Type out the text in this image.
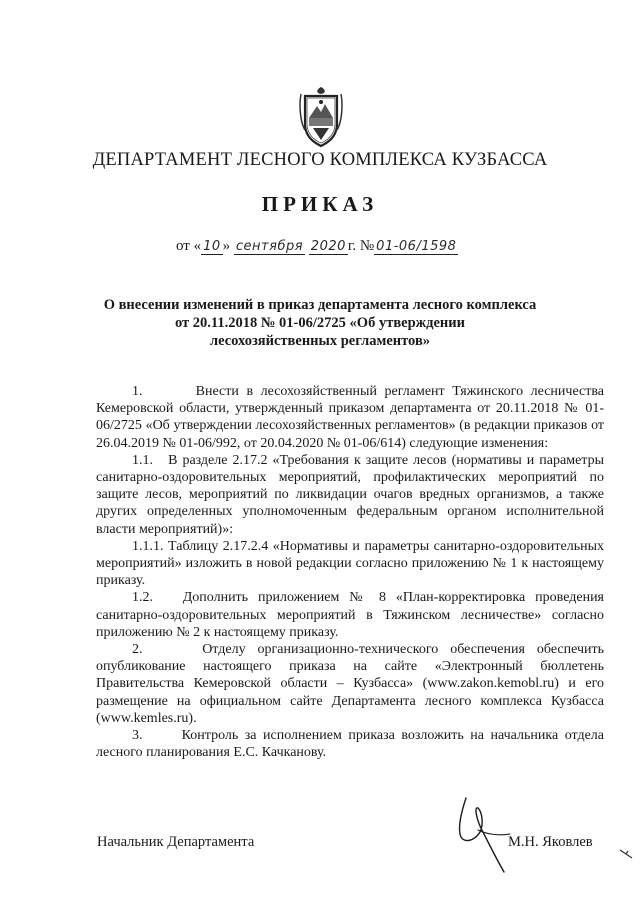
ДЕПАРТАМЕНТ ЛЕСНОГО КОМПЛЕКСА КУЗБАССА
ПРИКАЗ
от « 10 » сентября 2020 г. № 01-06/1598
О внесении изменений в приказ департамента лесного комплекса
от 20.11.2018 № 01-06/2725 «Об утверждении
лесохозяйственных регламентов»

1.       Внести в лесохозяйственный регламент Тяжинского лесничества Кемеровской области, утвержденный приказом департамента от 20.11.2018 № 01-06/2725 «Об утверждении лесохозяйственных регламентов» (в редакции приказов от 26.04.2019 № 01-06/992, от 20.04.2020 № 01-06/614) следующие изменения:

1.1.   В разделе 2.17.2 «Требования к защите лесов (нормативы и параметры санитарно-оздоровительных мероприятий, профилактических мероприятий по защите лесов, мероприятий по ликвидации очагов вредных организмов, а также других определенных уполномоченным федеральным органом исполнительной власти мероприятий)»:

1.1.1. Таблицу 2.17.2.4 «Нормативы и параметры санитарно-оздоровительных мероприятий» изложить в новой редакции согласно приложению № 1 к настоящему приказу.

1.2.   Дополнить приложением № 8 «План-корректировка проведения санитарно-оздоровительных мероприятий в Тяжинском лесничестве» согласно приложению № 2 к настоящему приказу.

2.     Отделу организационно-технического обеспечения обеспечить опубликование настоящего приказа на сайте «Электронный бюллетень Правительства Кемеровской области – Кузбасса» (www.zakon.kemobl.ru) и его размещение на официальном сайте Департамента лесного комплекса Кузбасса (www.kemles.ru).

3.      Контроль за исполнением приказа возложить на начальника отдела лесного планирования Е.С. Качканову.

Начальник Департамента	М.Н. Яковлев
